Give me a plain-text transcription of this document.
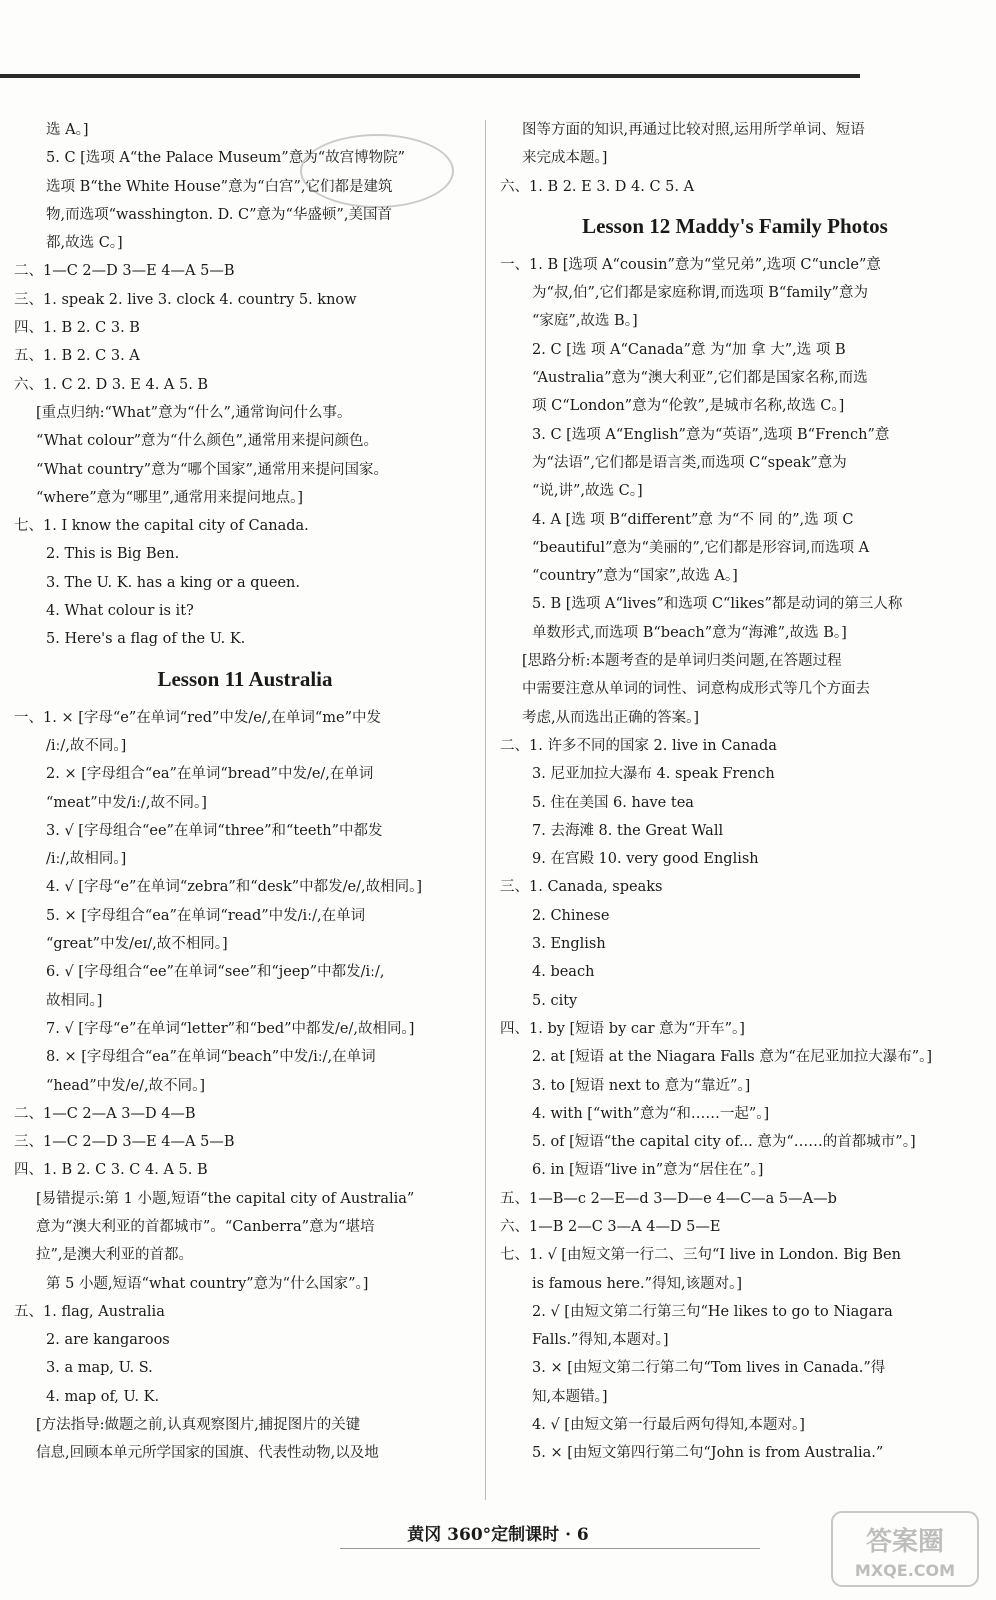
选 A。]
5. C [选项 A“the Palace Museum”意为“故宫博物院”
选项 B“the White House”意为“白宫”,它们都是建筑
物,而选项“wasshington. D. C”意为“华盛顿”,美国首
都,故选 C。]
二、1—C 2—D 3—E 4—A 5—B
三、1. speak 2. live 3. clock 4. country 5. know
四、1. B 2. C 3. B
五、1. B 2. C 3. A
六、1. C 2. D 3. E 4. A 5. B
[重点归纳:“What”意为“什么”,通常询问什么事。
“What colour”意为“什么颜色”,通常用来提问颜色。
“What country”意为“哪个国家”,通常用来提问国家。
“where”意为“哪里”,通常用来提问地点。]
七、1. I know the capital city of Canada.
2. This is Big Ben.
3. The U. K. has a king or a queen.
4. What colour is it?
5. Here's a flag of the U. K.
Lesson 11 Australia
一、1. × [字母“e”在单词“red”中发/e/,在单词“me”中发
/iː/,故不同。]
2. × [字母组合“ea”在单词“bread”中发/e/,在单词
“meat”中发/iː/,故不同。]
3. √ [字母组合“ee”在单词“three”和“teeth”中都发
/iː/,故相同。]
4. √ [字母“e”在单词“zebra”和“desk”中都发/e/,故相同。]
5. × [字母组合“ea”在单词“read”中发/iː/,在单词
“great”中发/eɪ/,故不相同。]
6. √ [字母组合“ee”在单词“see”和“jeep”中都发/iː/,
故相同。]
7. √ [字母“e”在单词“letter”和“bed”中都发/e/,故相同。]
8. × [字母组合“ea”在单词“beach”中发/iː/,在单词
“head”中发/e/,故不同。]
二、1—C 2—A 3—D 4—B
三、1—C 2—D 3—E 4—A 5—B
四、1. B 2. C 3. C 4. A 5. B
[易错提示:第 1 小题,短语“the capital city of Australia”
意为“澳大利亚的首都城市”。“Canberra”意为“堪培
拉”,是澳大利亚的首都。
第 5 小题,短语“what country”意为“什么国家”。]
五、1. flag, Australia
2. are kangaroos
3. a map, U. S.
4. map of, U. K.
[方法指导:做题之前,认真观察图片,捕捉图片的关键
信息,回顾本单元所学国家的国旗、代表性动物,以及地
图等方面的知识,再通过比较对照,运用所学单词、短语
来完成本题。]
六、1. B 2. E 3. D 4. C 5. A
Lesson 12 Maddy's Family Photos
一、1. B [选项 A“cousin”意为“堂兄弟”,选项 C“uncle”意
为“叔,伯”,它们都是家庭称谓,而选项 B“family”意为
“家庭”,故选 B。]
2. C [选 项 A“Canada”意 为“加 拿 大”,选 项 B
“Australia”意为“澳大利亚”,它们都是国家名称,而选
项 C“London”意为“伦敦”,是城市名称,故选 C。]
3. C [选项 A“English”意为“英语”,选项 B“French”意
为“法语”,它们都是语言类,而选项 C“speak”意为
“说,讲”,故选 C。]
4. A [选 项 B“different”意 为“不 同 的”,选 项 C
“beautiful”意为“美丽的”,它们都是形容词,而选项 A
“country”意为“国家”,故选 A。]
5. B [选项 A“lives”和选项 C“likes”都是动词的第三人称
单数形式,而选项 B“beach”意为“海滩”,故选 B。]
[思路分析:本题考查的是单词归类问题,在答题过程
中需要注意从单词的词性、词意构成形式等几个方面去
考虑,从而选出正确的答案。]
二、1. 许多不同的国家 2. live in Canada
3. 尼亚加拉大瀑布 4. speak French
5. 住在美国 6. have tea
7. 去海滩 8. the Great Wall
9. 在宫殿 10. very good English
三、1. Canada, speaks
2. Chinese
3. English
4. beach
5. city
四、1. by [短语 by car 意为“开车”。]
2. at [短语 at the Niagara Falls 意为“在尼亚加拉大瀑布”。]
3. to [短语 next to 意为“靠近”。]
4. with [“with”意为“和……一起”。]
5. of [短语“the capital city of... 意为“……的首都城市”。]
6. in [短语“live in”意为“居住在”。]
五、1—B—c 2—E—d 3—D—e 4—C—a 5—A—b
六、1—B 2—C 3—A 4—D 5—E
七、1. √ [由短文第一行二、三句“I live in London. Big Ben
is famous here.”得知,该题对。]
2. √ [由短文第二行第三句“He likes to go to Niagara
Falls.”得知,本题对。]
3. × [由短文第二行第二句“Tom lives in Canada.”得
知,本题错。]
4. √ [由短文第一行最后两句得知,本题对。]
5. × [由短文第四行第二句“John is from Australia.”
黄冈 360°定制课时 · 6	答案圈
MXQE.COM
